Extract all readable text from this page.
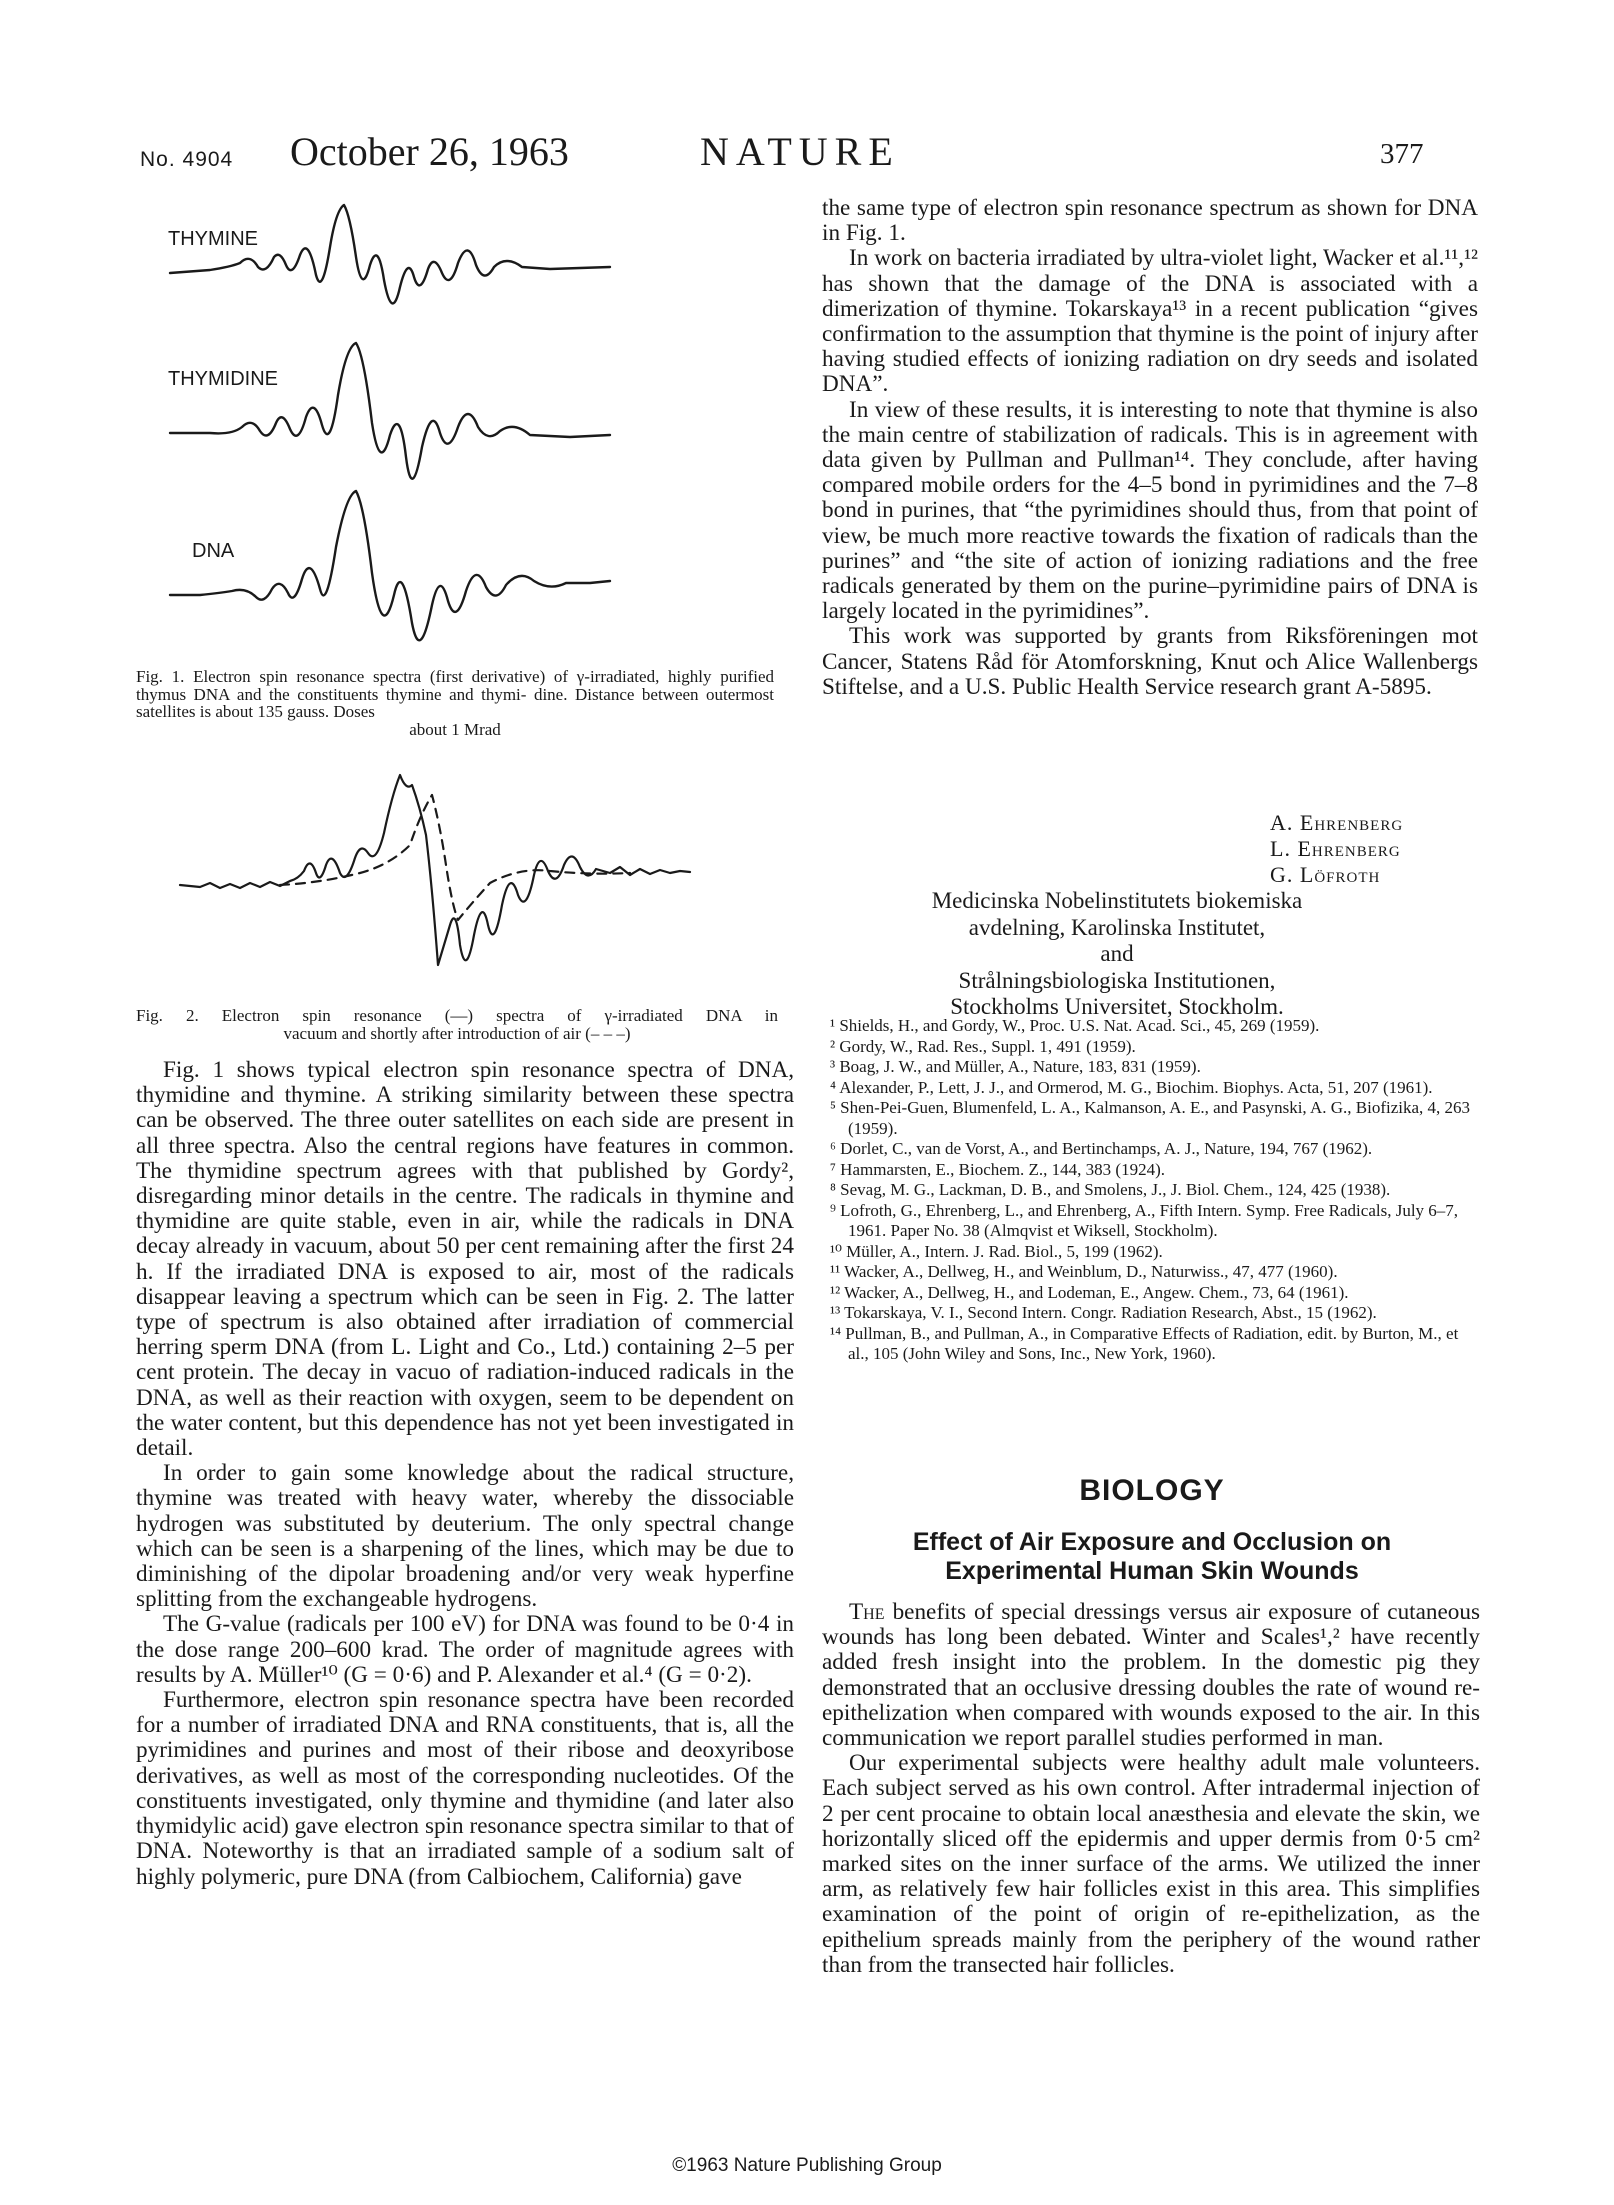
No. 4904 October 26, 1963	NATURE	377
THYMINE
THYMIDINE
DNA
Fig. 1. Electron spin resonance spectra (first derivative) of γ-irradiated, highly purified thymus DNA and the constituents thymine and thymi- dine. Distance between outermost satellites is about 135 gauss. Doses
about 1 Mrad
Fig. 2. Electron spin resonance (—) spectra of γ-irradiated DNA in
vacuum and shortly after introduction of air (– – –)

Fig. 1 shows typical electron spin resonance spectra of DNA, thymidine and thymine. A striking similarity between these spectra can be observed. The three outer satellites on each side are present in all three spectra. Also the central regions have features in common. The thymidine spectrum agrees with that published by Gordy², disregarding minor details in the centre. The radicals in thymine and thymidine are quite stable, even in air, while the radicals in DNA decay already in vacuum, about 50 per cent remaining after the first 24 h. If the irradiated DNA is exposed to air, most of the radicals disappear leaving a spectrum which can be seen in Fig. 2. The latter type of spectrum is also obtained after irradiation of commercial herring sperm DNA (from L. Light and Co., Ltd.) containing 2–5 per cent protein. The decay in vacuo of radiation-induced radicals in the DNA, as well as their reaction with oxygen, seem to be dependent on the water content, but this dependence has not yet been investigated in detail.

In order to gain some knowledge about the radical structure, thymine was treated with heavy water, whereby the dissociable hydrogen was substituted by deuterium. The only spectral change which can be seen is a sharpening of the lines, which may be due to diminishing of the dipolar broadening and/or very weak hyperfine splitting from the exchangeable hydrogens.

The G-value (radicals per 100 eV) for DNA was found to be 0·4 in the dose range 200–600 krad. The order of magnitude agrees with results by A. Müller¹⁰ (G = 0·6) and P. Alexander et al.⁴ (G = 0·2).

Furthermore, electron spin resonance spectra have been recorded for a number of irradiated DNA and RNA constituents, that is, all the pyrimidines and purines and most of their ribose and deoxyribose derivatives, as well as most of the corresponding nucleotides. Of the constituents investigated, only thymine and thymidine (and later also thymidylic acid) gave electron spin resonance spectra similar to that of DNA. Noteworthy is that an irradiated sample of a sodium salt of highly polymeric, pure DNA (from Calbiochem, California) gave

the same type of electron spin resonance spectrum as shown for DNA in Fig. 1.

In work on bacteria irradiated by ultra-violet light, Wacker et al.¹¹,¹² has shown that the damage of the DNA is associated with a dimerization of thymine. Tokarskaya¹³ in a recent publication “gives confirmation to the assumption that thymine is the point of injury after having studied effects of ionizing radiation on dry seeds and isolated DNA”.

In view of these results, it is interesting to note that thymine is also the main centre of stabilization of radicals. This is in agreement with data given by Pullman and Pullman¹⁴. They conclude, after having compared mobile orders for the 4–5 bond in pyrimidines and the 7–8 bond in purines, that “the pyrimidines should thus, from that point of view, be much more reactive towards the fixation of radicals than the purines” and “the site of action of ionizing radiations and the free radicals generated by them on the purine–pyrimidine pairs of DNA is largely located in the pyrimidines”.

This work was supported by grants from Riksföreningen mot Cancer, Statens Råd för Atomforskning, Knut och Alice Wallenbergs Stiftelse, and a U.S. Public Health Service research grant A-5895.

A. Ehrenberg
L. Ehrenberg
G. Löfroth
Medicinska Nobelinstitutets biokemiska
avdelning, Karolinska Institutet,
and
Strålningsbiologiska Institutionen,
Stockholms Universitet, Stockholm.
¹ Shields, H., and Gordy, W., Proc. U.S. Nat. Acad. Sci., 45, 269 (1959).
² Gordy, W., Rad. Res., Suppl. 1, 491 (1959).
³ Boag, J. W., and Müller, A., Nature, 183, 831 (1959).
⁴ Alexander, P., Lett, J. J., and Ormerod, M. G., Biochim. Biophys. Acta, 51, 207 (1961).
⁵ Shen-Pei-Guen, Blumenfeld, L. A., Kalmanson, A. E., and Pasynski, A. G., Biofizika, 4, 263 (1959).
⁶ Dorlet, C., van de Vorst, A., and Bertinchamps, A. J., Nature, 194, 767 (1962).
⁷ Hammarsten, E., Biochem. Z., 144, 383 (1924).
⁸ Sevag, M. G., Lackman, D. B., and Smolens, J., J. Biol. Chem., 124, 425 (1938).
⁹ Lofroth, G., Ehrenberg, L., and Ehrenberg, A., Fifth Intern. Symp. Free Radicals, July 6–7, 1961. Paper No. 38 (Almqvist et Wiksell, Stockholm).
¹⁰ Müller, A., Intern. J. Rad. Biol., 5, 199 (1962).
¹¹ Wacker, A., Dellweg, H., and Weinblum, D., Naturwiss., 47, 477 (1960).
¹² Wacker, A., Dellweg, H., and Lodeman, E., Angew. Chem., 73, 64 (1961).
¹³ Tokarskaya, V. I., Second Intern. Congr. Radiation Research, Abst., 15 (1962).
¹⁴ Pullman, B., and Pullman, A., in Comparative Effects of Radiation, edit. by Burton, M., et al., 105 (John Wiley and Sons, Inc., New York, 1960).
BIOLOGY
Effect of Air Exposure and Occlusion on
Experimental Human Skin Wounds

The benefits of special dressings versus air exposure of cutaneous wounds has long been debated. Winter and Scales¹,² have recently added fresh insight into the problem. In the domestic pig they demonstrated that an occlusive dressing doubles the rate of wound re-epithelization when compared with wounds exposed to the air. In this communication we report parallel studies performed in man.

Our experimental subjects were healthy adult male volunteers. Each subject served as his own control. After intradermal injection of 2 per cent procaine to obtain local anæsthesia and elevate the skin, we horizontally sliced off the epidermis and upper dermis from 0·5 cm² marked sites on the inner surface of the arms. We utilized the inner arm, as relatively few hair follicles exist in this area. This simplifies examination of the point of origin of re-epithelization, as the epithelium spreads mainly from the periphery of the wound rather than from the transected hair follicles.

©1963 Nature Publishing Group
